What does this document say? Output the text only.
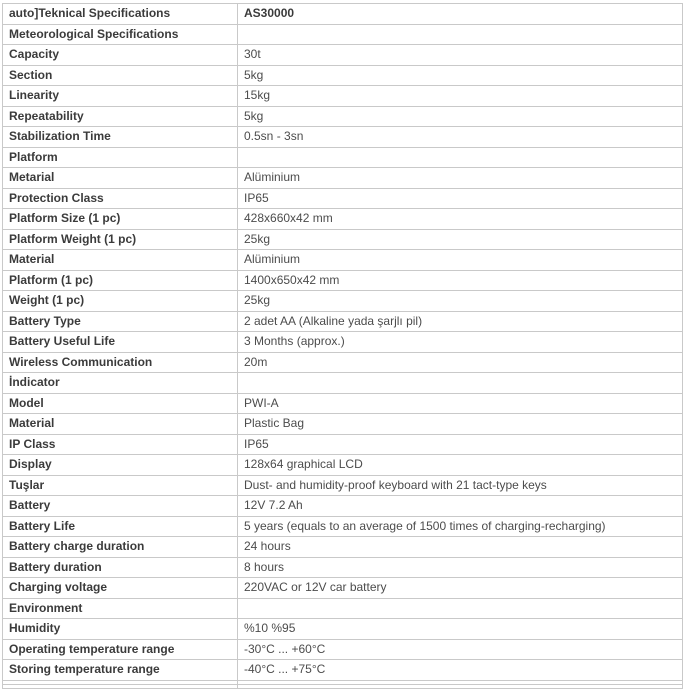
auto]Teknical Specifications	AS30000
Meteorological Specifications	
Capacity	30t
Section	5kg
Linearity	15kg
Repeatability	5kg
Stabilization Time	0.5sn - 3sn
Platform	
Metarial	Alüminium
Protection Class	IP65
Platform Size (1 pc)	428x660x42 mm
Platform Weight (1 pc)	25kg
Material	Alüminium
Platform (1 pc)	1400x650x42 mm
Weight (1 pc)	25kg
Battery Type	2 adet AA (Alkaline yada şarjlı pil)
Battery Useful Life	3 Months (approx.)
Wireless Communication	20m
İndicator	
Model	PWI-A
Material	Plastic Bag
IP Class	IP65
Display	128x64 graphical LCD
Tuşlar	Dust- and humidity-proof keyboard with 21 tact-type keys
Battery	12V 7.2 Ah
Battery Life	5 years (equals to an average of 1500 times of charging-recharging)
Battery charge duration	24 hours
Battery duration	8 hours
Charging voltage	220VAC or 12V car battery
Environment	
Humidity	%10 %95
Operating temperature range	-30°C ... +60°C
Storing temperature range	-40°C ... +75°C
